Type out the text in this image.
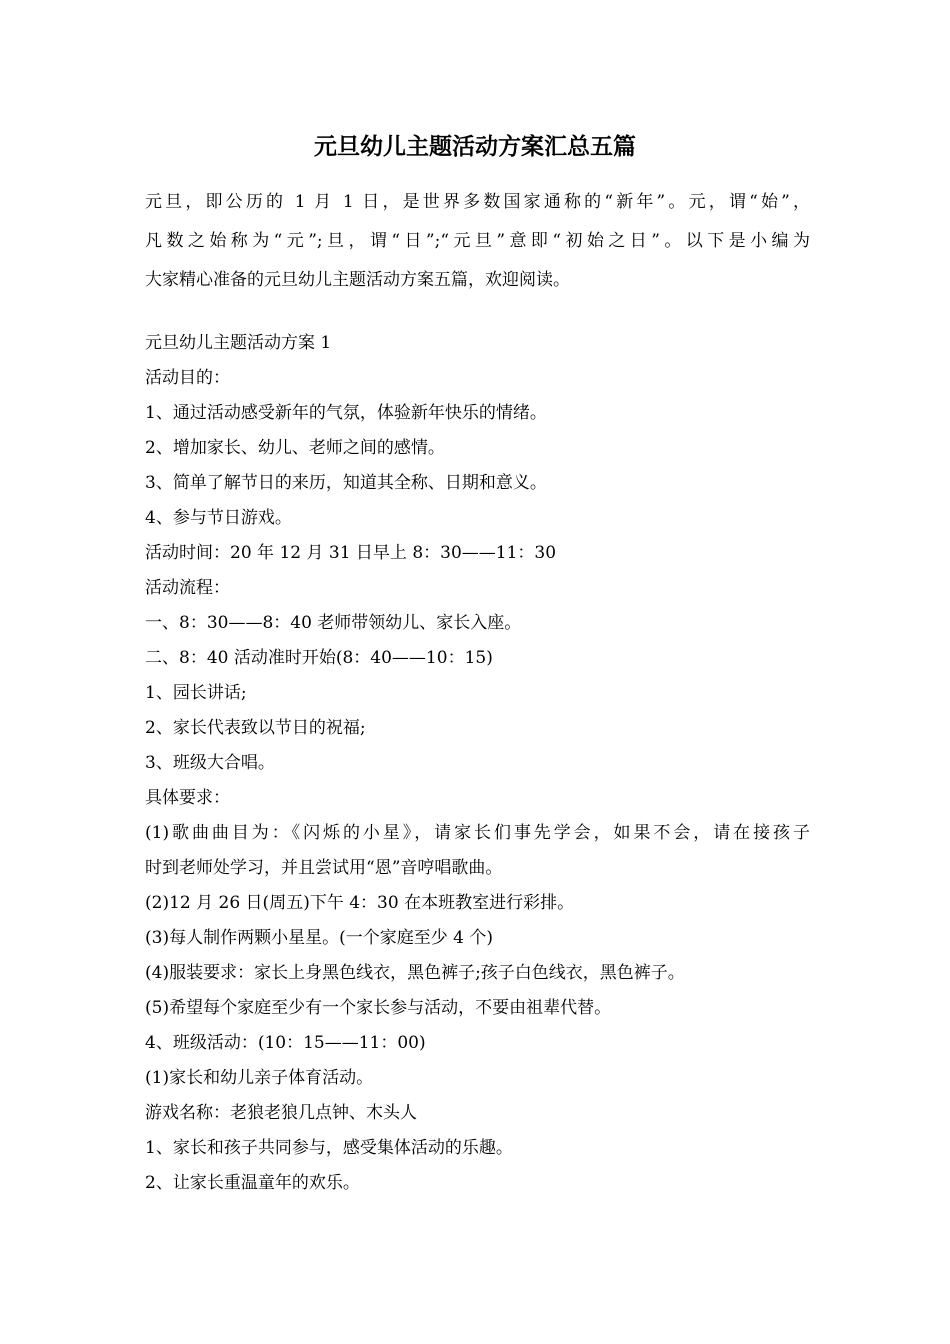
元旦幼儿主题活动方案汇总五篇
元旦，即公历的 1 月 1 日，是世界多数国家通称的“新年”。元，谓“始”，
凡数之始称为“元”;旦，谓“日”;“元旦”意即“初始之日”。以下是小编为
大家精心准备的元旦幼儿主题活动方案五篇，欢迎阅读。
元旦幼儿主题活动方案 1
活动目的：
1、通过活动感受新年的气氛，体验新年快乐的情绪。
2、增加家长、幼儿、老师之间的感情。
3、简单了解节日的来历，知道其全称、日期和意义。
4、参与节日游戏。
活动时间：20 年 12 月 31 日早上 8：30——11：30
活动流程：
一、8：30——8：40 老师带领幼儿、家长入座。
二、8：40 活动准时开始(8：40——10：15)
1、园长讲话;
2、家长代表致以节日的祝福;
3、班级大合唱。
具体要求：
(1)歌曲曲目为：《闪烁的小星》，请家长们事先学会，如果不会，请在接孩子
时到老师处学习，并且尝试用“恩”音哼唱歌曲。
(2)12 月 26 日(周五)下午 4：30 在本班教室进行彩排。
(3)每人制作两颗小星星。(一个家庭至少 4 个)
(4)服装要求：家长上身黑色线衣，黑色裤子;孩子白色线衣，黑色裤子。
(5)希望每个家庭至少有一个家长参与活动，不要由祖辈代替。
4、班级活动：(10：15——11：00)
(1)家长和幼儿亲子体育活动。
游戏名称：老狼老狼几点钟、木头人
1、家长和孩子共同参与，感受集体活动的乐趣。
2、让家长重温童年的欢乐。
